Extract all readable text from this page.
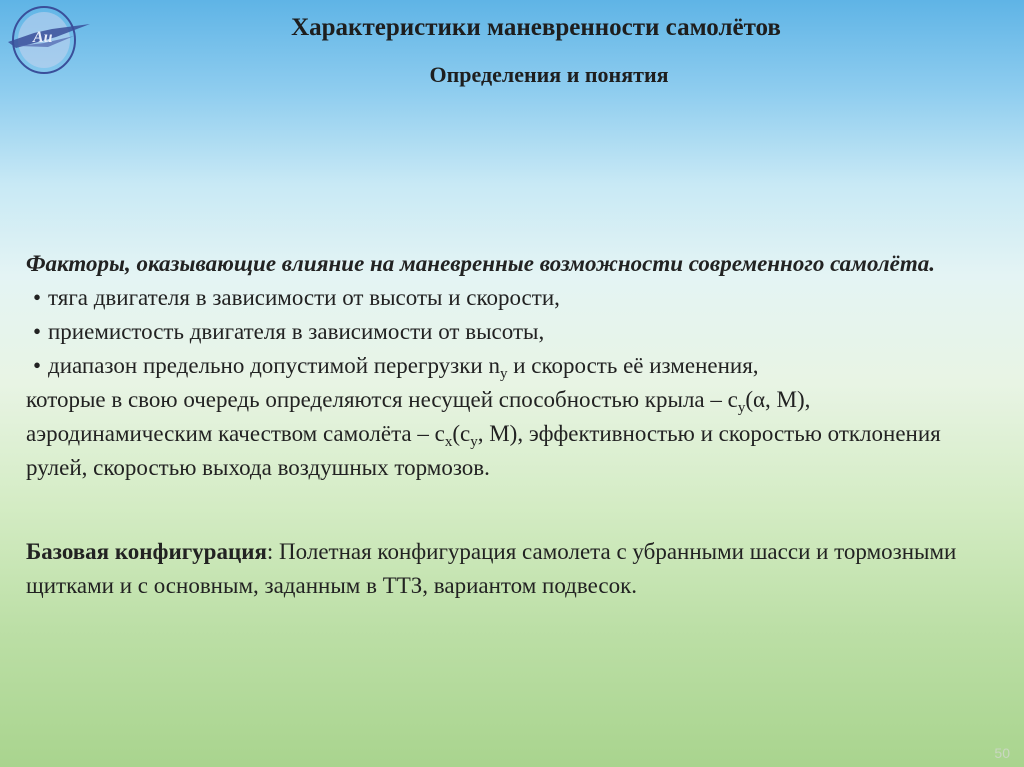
Аи	Характеристики маневренности самолётов
Определения и понятия
Факторы, оказывающие влияние на маневренные возможности современного самолёта.
• тяга двигателя в зависимости от высоты и скорости,
• приемистость двигателя в зависимости от высоты,
• диапазон предельно допустимой перегрузки $n_y$ и скорость её изменения,
которые в свою очередь определяются несущей способностью крыла – $c_y(\alpha$, M), аэродинамическим качеством самолёта – $c_x(c_y$, M), эффективностью и скоростью отклонения рулей, скоростью выхода воздушных тормозов.
Базовая конфигурация: Полетная конфигурация самолета с убранными шасси и тормозными щитками и с основным, заданным в ТТЗ, вариантом подвесок.
50
